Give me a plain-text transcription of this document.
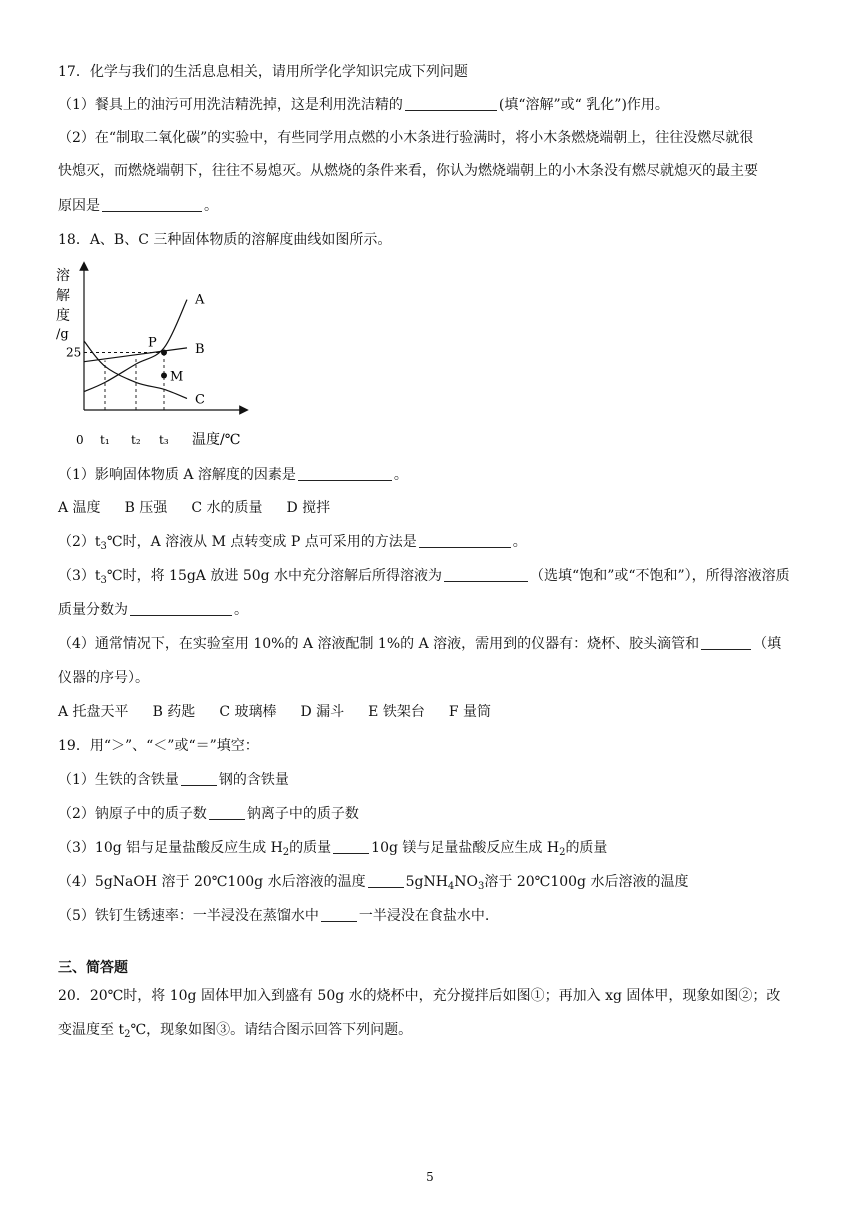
17．化学与我们的生活息息相关，请用所学化学知识完成下列问题
（1）餐具上的油污可用洗洁精洗掉，这是利用洗洁精的	(填“溶解”或“ 乳化”)作用。
（2）在“制取二氧化碳”的实验中，有些同学用点燃的小木条进行验满时，将小木条燃烧端朝上，往往没燃尽就很
快熄灭，而燃烧端朝下，往往不易熄灭。从燃烧的条件来看，你认为燃烧端朝上的小木条没有燃尽就熄灭的最主要
原因是	。
18．A、B、C 三种固体物质的溶解度曲线如图所示。
溶
解
度
/g
A
B
C
P
M
25
0 t₁ t₂ t₃ 温度/℃
（1）影响固体物质 A 溶解度的因素是	。
A 温度 B 压强 C 水的质量 D 搅拌
$(2)t_3℃$时，A 溶液从 M 点转变成 P 点可采用的方法是	。
$(3)t_3℃$时，将 15gA 放进 50g 水中充分溶解后所得溶液为	（选填“饱和”或“不饱和”），所得溶液溶质
质量分数为	。
（4）通常情况下，在实验室用 10%的 A 溶液配制 1%的 A 溶液，需用到的仪器有：烧杯、胶头滴管和	（填
仪器的序号）。
A 托盘天平 B 药匙 C 玻璃棒 D 漏斗 E 铁架台 F 量筒
19．用“＞”、“＜”或“＝”填空：
（1）生铁的含铁量	钢的含铁量
（2）钠原子中的质子数	钠离子中的质子数
（3）10g 铝与足量盐酸反应生成 $H_2$的质量	10g 镁与足量盐酸反应生成 $H_2$的质量
（4）5gNaOH 溶于 20℃100g 水后溶液的温度	$5gNH_4NO_3$溶于 20℃100g 水后溶液的温度
（5）铁钉生锈速率：一半浸没在蒸馏水中	一半浸没在食盐水中.
三、简答题
20．20℃时，将 10g 固体甲加入到盛有 50g 水的烧杯中，充分搅拌后如图①；再加入 xg 固体甲，现象如图②；改
变温度至 $t_2℃$，现象如图③。请结合图示回答下列问题。
5
